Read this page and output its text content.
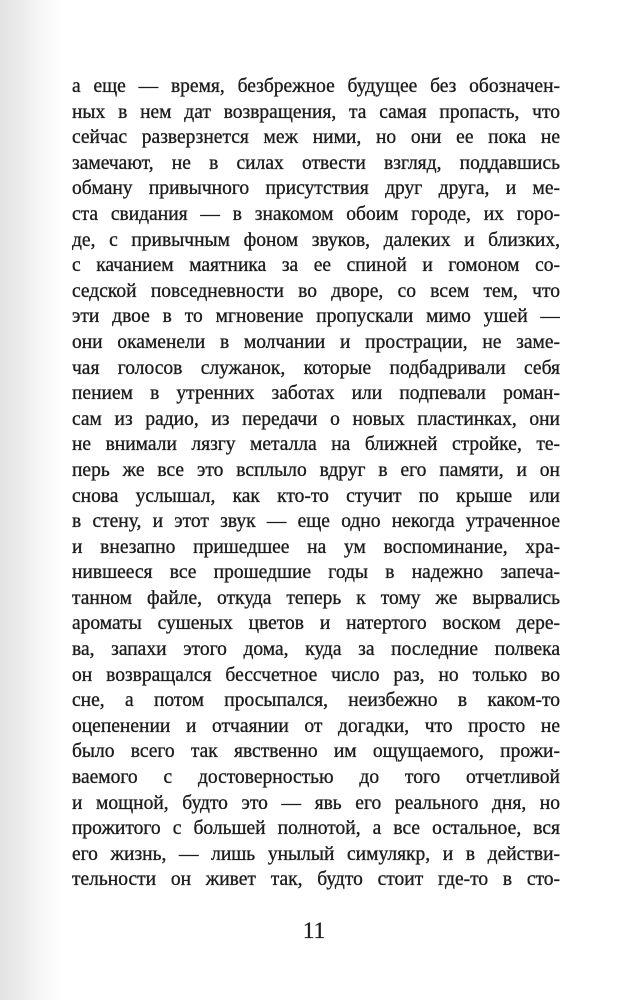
а еще — время, безбрежное будущее без обозначен-
ных в нем дат возвращения, та самая пропасть, что
сейчас разверзнется меж ними, но они ее пока не
замечают, не в силах отвести взгляд, поддавшись
обману привычного присутствия друг друга, и ме-
ста свидания — в знакомом обоим городе, их горо-
де, с привычным фоном звуков, далеких и близких,
с качанием маятника за ее спиной и гомоном со-
седской повседневности во дворе, со всем тем, что
эти двое в то мгновение пропускали мимо ушей —
они окаменели в молчании и прострации, не заме-
чая голосов служанок, которые подбадривали себя
пением в утренних заботах или подпевали роман-
сам из радио, из передачи о новых пластинках, они
не внимали лязгу металла на ближней стройке, те-
перь же все это всплыло вдруг в его памяти, и он
снова услышал, как кто-то стучит по крыше или
в стену, и этот звук — еще одно некогда утраченное
и внезапно пришедшее на ум воспоминание, хра-
нившееся все прошедшие годы в надежно запеча-
танном файле, откуда теперь к тому же вырвались
ароматы сушеных цветов и натертого воском дере-
ва, запахи этого дома, куда за последние полвека
он возвращался бессчетное число раз, но только во
сне, а потом просыпался, неизбежно в каком-то
оцепенении и отчаянии от догадки, что просто не
было всего так явственно им ощущаемого, прожи-
ваемого с достоверностью до того отчетливой
и мощной, будто это — явь его реального дня, но
прожитого с большей полнотой, а все остальное, вся
его жизнь, — лишь унылый симулякр, и в действи-
тельности он живет так, будто стоит где-то в сто-
11
